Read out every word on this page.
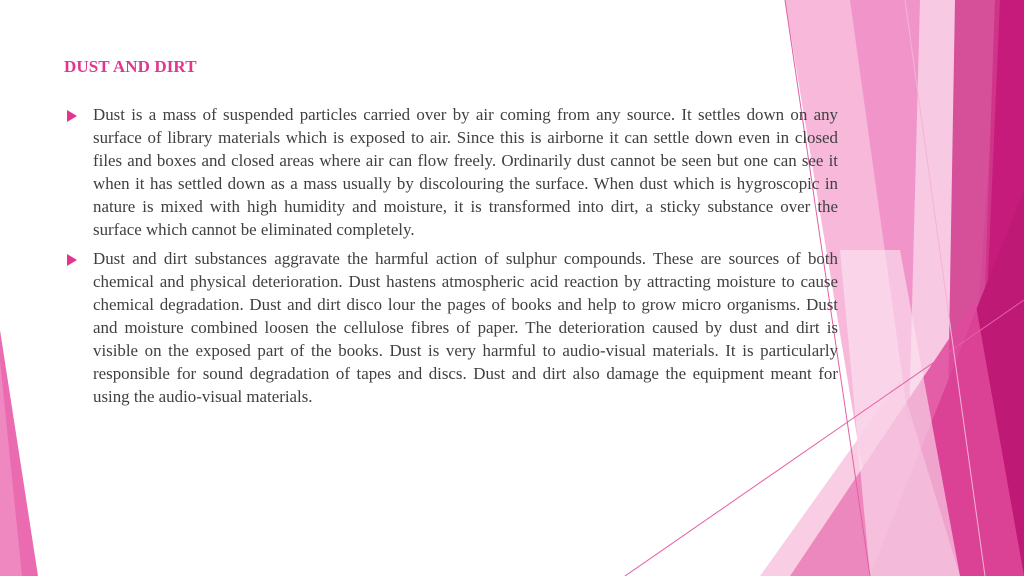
DUST AND DIRT
Dust is a mass of suspended particles carried over by air coming from any source. It settles down on any surface of library materials which is exposed to air. Since this is airborne it can settle down even in closed files and boxes and closed areas where air can flow freely. Ordinarily dust cannot be seen but one can see it when it has settled down as a mass usually by discolouring the surface. When dust which is hygroscopic in nature is mixed with high humidity and moisture, it is transformed into dirt, a sticky substance over the surface which cannot be eliminated completely.
Dust and dirt substances aggravate the harmful action of sulphur compounds. These are sources of both chemical and physical deterioration. Dust hastens atmospheric acid reaction by attracting moisture to cause chemical degradation. Dust and dirt disco lour the pages of books and help to grow micro organisms. Dust and moisture combined loosen the cellulose fibres of paper. The deterioration caused by dust and dirt is visible on the exposed part of the books. Dust is very harmful to audio-visual materials. It is particularly responsible for sound degradation of tapes and discs. Dust and dirt also damage the equipment meant for using the audio-visual materials.
